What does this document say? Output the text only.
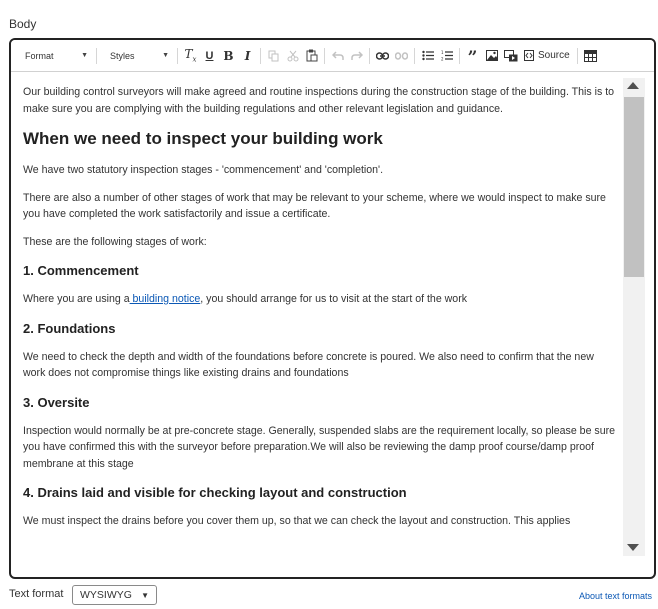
Body
Format	▼ Styles	▼ $T_x$ U B I	1
2 ”	Source

Our building control surveyors will make agreed and routine inspections during the construction stage of the building. This is to make sure you are complying with the building regulations and other relevant legislation and guidance.

When we need to inspect your building work

We have two statutory inspection stages - 'commencement' and 'completion'.

There are also a number of other stages of work that may be relevant to your scheme, where we would inspect to make sure you have completed the work satisfactorily and issue a certificate.

These are the following stages of work:

1. Commencement

Where you are using a building notice, you should arrange for us to visit at the start of the work

2. Foundations

We need to check the depth and width of the foundations before concrete is poured. We also need to confirm that the new work does not compromise things like existing drains and foundations

3. Oversite

Inspection would normally be at pre-concrete stage. Generally, suspended slabs are the requirement locally, so please be sure you have confirmed this with the surveyor before preparation.We will also be reviewing the damp proof course/damp proof membrane at this stage

4. Drains laid and visible for checking layout and construction

We must inspect the drains before you cover them up, so that we can check the layout and construction. This applies

Text format WYSIWYG ▼	About text formats
